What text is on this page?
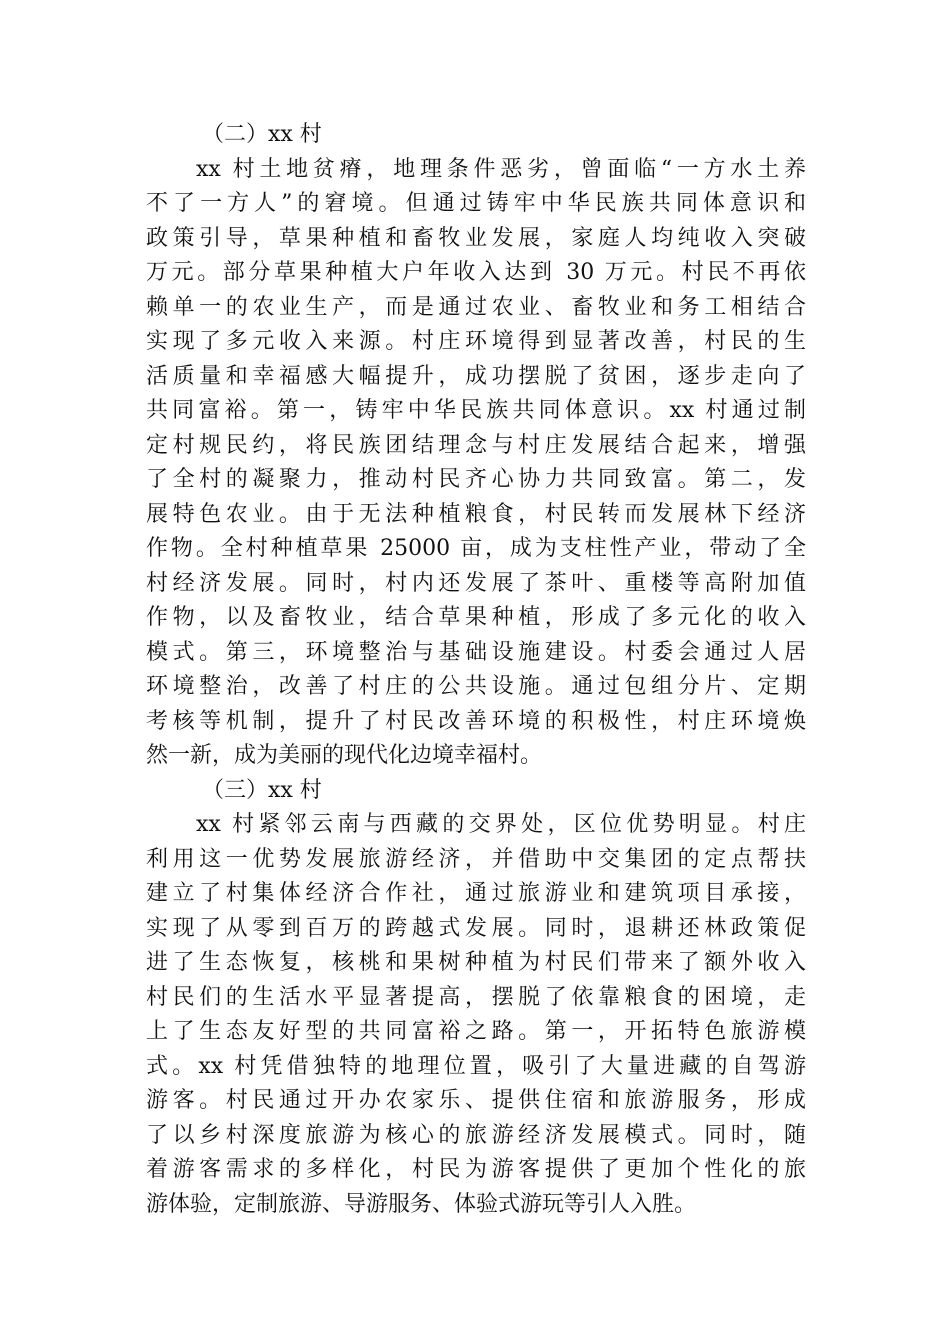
（二）xx 村

xx 村土地贫瘠，地理条件恶劣，曾面临“一方水土养
不了一方人”的窘境。但通过铸牢中华民族共同体意识和
政策引导，草果种植和畜牧业发展，家庭人均纯收入突破
万元。部分草果种植大户年收入达到 30 万元。村民不再依
赖单一的农业生产，而是通过农业、畜牧业和务工相结合
实现了多元收入来源。村庄环境得到显著改善，村民的生
活质量和幸福感大幅提升，成功摆脱了贫困，逐步走向了
共同富裕。第一，铸牢中华民族共同体意识。xx 村通过制
定村规民约，将民族团结理念与村庄发展结合起来，增强
了全村的凝聚力，推动村民齐心协力共同致富。第二，发
展特色农业。由于无法种植粮食，村民转而发展林下经济
作物。全村种植草果 25000 亩，成为支柱性产业，带动了全
村经济发展。同时，村内还发展了茶叶、重楼等高附加值
作物，以及畜牧业，结合草果种植，形成了多元化的收入
模式。第三，环境整治与基础设施建设。村委会通过人居
环境整治，改善了村庄的公共设施。通过包组分片、定期
考核等机制，提升了村民改善环境的积极性，村庄环境焕
然一新，成为美丽的现代化边境幸福村。

（三）xx 村

xx 村紧邻云南与西藏的交界处，区位优势明显。村庄
利用这一优势发展旅游经济，并借助中交集团的定点帮扶
建立了村集体经济合作社，通过旅游业和建筑项目承接，
实现了从零到百万的跨越式发展。同时，退耕还林政策促
进了生态恢复，核桃和果树种植为村民们带来了额外收入
村民们的生活水平显著提高，摆脱了依靠粮食的困境，走
上了生态友好型的共同富裕之路。第一，开拓特色旅游模
式。xx 村凭借独特的地理位置，吸引了大量进藏的自驾游
游客。村民通过开办农家乐、提供住宿和旅游服务，形成
了以乡村深度旅游为核心的旅游经济发展模式。同时，随
着游客需求的多样化，村民为游客提供了更加个性化的旅
游体验，定制旅游、导游服务、体验式游玩等引人入胜。
